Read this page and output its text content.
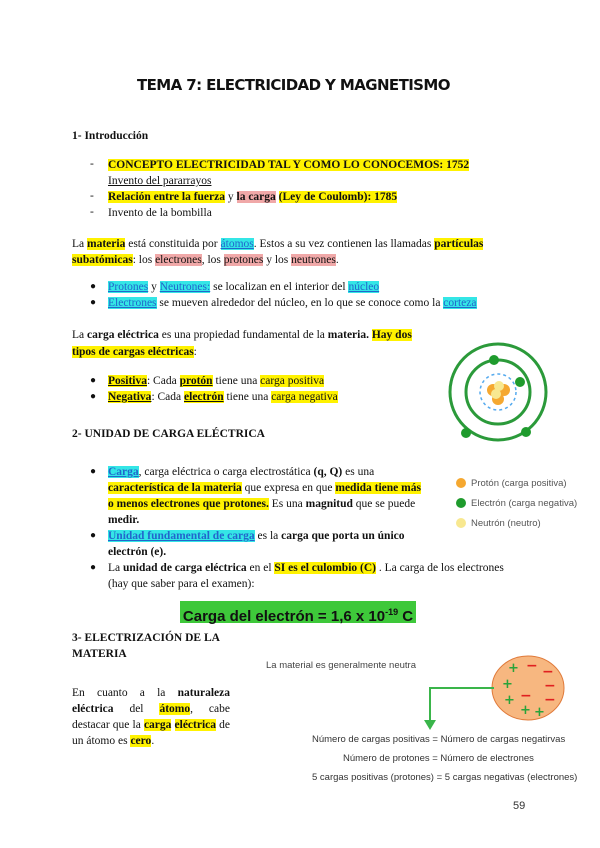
TEMA 7: ELECTRICIDAD Y MAGNETISMO
1- Introducción
- CONCEPTO ELECTRICIDAD TAL Y COMO LO CONOCEMOS: 1752
Invento del pararrayos
- Relación entre la fuerza y la carga (Ley de Coulomb): 1785
- Invento de la bombilla
La materia está constituida por átomos. Estos a su vez contienen las llamadas partículas
subatómicas: los electrones, los protones y los neutrones.
● Protones y Neutrones: se localizan en el interior del núcleo
● Electrones se mueven alrededor del núcleo, en lo que se conoce como la corteza
La carga eléctrica es una propiedad fundamental de la materia. Hay dos
tipos de cargas eléctricas:
● Positiva: Cada protón tiene una carga positiva
● Negativa: Cada electrón tiene una carga negativa
2- UNIDAD DE CARGA ELÉCTRICA
● Carga, carga eléctrica o carga electrostática (q, Q) es una
característica de la materia que expresa en que medida tiene más
o menos electrones que protones. Es una magnitud que se puede
medir.
● Unidad fundamental de carga es la carga que porta un único
electrón (e).
● La unidad de carga eléctrica en el SI es el culombio (C) . La carga de los electrones
(hay que saber para el examen):
Carga del electrón = 1,6 x $10^{-19}$ C
Protón (carga positiva)
Electrón (carga negativa)
Neutrón (neutro)
3- ELECTRIZACIÓN DE LA
MATERIA
En cuanto a la naturaleza eléctrica del átomo, cabe destacar que la carga eléctrica de un átomo es cero.
La material es generalmente neutra	+
+
+
+ +
− −
−
−
−
Número de cargas positivas = Número de cargas negatirvas
Número de protones = Número de electrones
5 cargas positivas (protones) = 5 cargas negativas (electrones)
59
